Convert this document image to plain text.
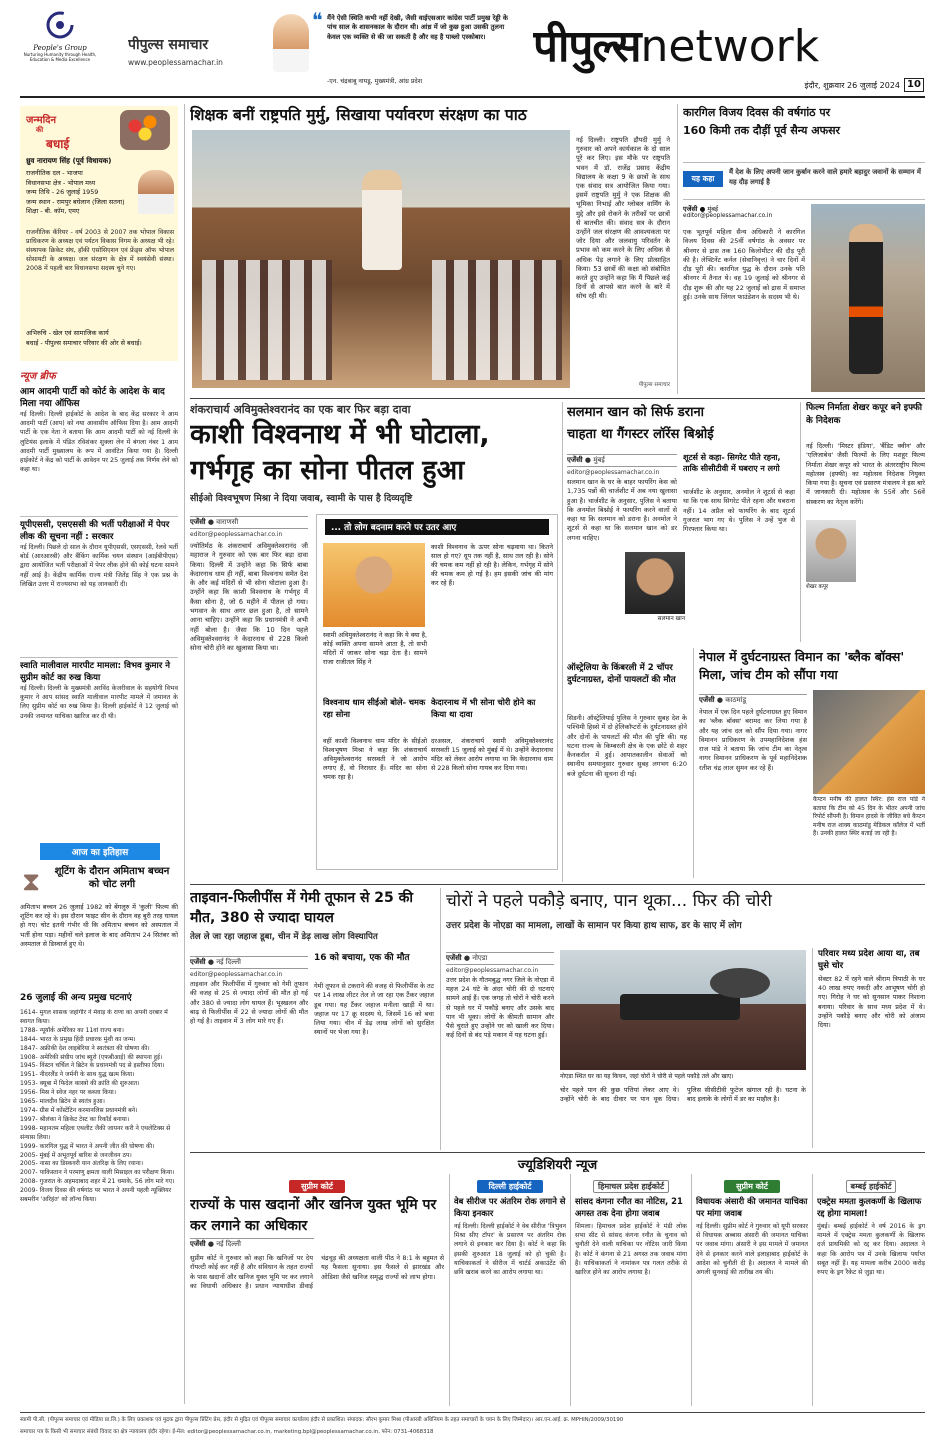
People's Group
Nurturing Humanity through Health, Education & Media Excellence
पीपुल्स समाचार
www.peoplessamachar.in
❝ मैंने ऐसी स्थिति कभी नहीं देखी, जैसी वाईएसआर कांग्रेस पार्टी प्रमुख रेड्डी के पांच साल के शासनकाल के दौरान थी। आंध्र में जो कुछ हुआ उसकी तुलना केवल एक व्यक्ति से की जा सकती है और वह है पाब्लो एस्कोबार।
-एन. चंद्रबाबू नायडू, मुख्यमंत्री, आंध्र प्रदेश
पीपुल्सnetwork
इंदौर, शुक्रवार 26 जुलाई 2024 10
जन्मदिन
की
बधाई
ध्रुव नारायण सिंह (पूर्व विधायक)
राजनीतिक दल - भाजपा
विधानसभा क्षेत्र - भोपाल मध्य
जन्म तिथि - 26 जुलाई 1959
जन्म स्थान - रामपुर बघेलान (जिला सतना)
शिक्षा - बी. कॉम, एमए
राजनीतिक कॅरियर - वर्ष 2003 से 2007 तक भोपाल विकास प्राधिकरण के अध्यक्ष एवं पर्यटन विकास निगम के अध्यक्ष भी रहे। संस्थापक क्रिकेट संघ, हॉकी एसोसिएशन एवं फ्रेंड्स ऑफ भोपाल सोसायटी के अध्यक्ष। जल संरक्षण के क्षेत्र में स्वयंसेवी संस्था। 2008 में पहली बार विधानसभा सदस्य चुने गए।
अभिरुचि - खेल एवं सामाजिक कार्य
बधाई - पीपुल्स समाचार परिवार की ओर से बधाई।
न्यूज ब्रीफ
आम आदमी पार्टी को कोर्ट के आदेश के बाद मिला नया ऑफिस
नई दिल्ली। दिल्ली हाईकोर्ट के आदेश के बाद केंद्र सरकार ने आम आदमी पार्टी (आप) को नया आवासीय ऑफिस दिया है। आम आदमी पार्टी के एक नेता ने बताया कि आम आदमी पार्टी को नई दिल्ली के लुटियंस इलाके में पंडित रविशंकर शुक्ला लेन में बंगला नंबर 1 आम आदमी पार्टी मुख्यालय के रूप में आवंटित किया गया है। दिल्ली हाईकोर्ट ने केंद्र को पार्टी के आवेदन पर 25 जुलाई तक निर्णय लेने को कहा था।
यूपीएससी, एसएससी की भर्ती परीक्षाओं में पेपर लीक की सूचना नहीं : सरकार
नई दिल्ली। पिछले दो साल के दौरान यूपीएससी, एसएससी, रेलवे भर्ती बोर्ड (आरआरबी) और बैंकिंग कार्मिक चयन संस्थान (आईबीपीएस) द्वारा आयोजित भर्ती परीक्षाओं में पेपर लीक होने की कोई घटना सामने नहीं आई है। केंद्रीय कार्मिक राज्य मंत्री जितेंद्र सिंह ने एक प्रश्न के लिखित उत्तर में राज्यसभा को यह जानकारी दी।
स्वाति मालीवाल मारपीट मामला: विभव कुमार ने सुप्रीम कोर्ट का रुख किया
नई दिल्ली। दिल्ली के मुख्यमंत्री अरविंद केजरीवाल के सहयोगी विभव कुमार ने आप सांसद स्वाति मालीवाल मारपीट मामले में जमानत के लिए सुप्रीम कोर्ट का रुख किया है। दिल्ली हाईकोर्ट ने 12 जुलाई को उनकी जमानत याचिका खारिज कर दी थी।
आज का इतिहास
⧗	शूटिंग के दौरान अमिताभ बच्चन को चोट लगी
अमिताभ बच्चन 26 जुलाई 1982 को बेंगलुरु में 'कुली' फिल्म की शूटिंग कर रहे थे। इस दौरान फाइट सीन के दौरान वह बुरी तरह घायल हो गए। चोट इतनी गंभीर थी कि अमिताभ बच्चन को अस्पताल में भर्ती होना पड़ा। महीनों चले इलाज के बाद अमिताभ 24 सितंबर को अस्पताल से डिस्चार्ज हुए थे।
26 जुलाई की अन्य प्रमुख घटनाएं
1614- मुगल शासक जहांगीर ने मेवाड़ के राणा का अपनी दरबार में स्वागत किया।
1788- न्यूयॉर्क अमेरिका का 11वां राज्य बना।
1844- भारत के प्रमुख हिंदी प्रचारक मुंशी का जन्म।
1847- अफ्रीकी देश लाइबेरिया ने स्वतंत्रता की घोषणा की।
1908- अमेरिकी संघीय जांच ब्यूरो (एफबीआई) की स्थापना हुई।
1945- विंस्टन चर्चिल ने ब्रिटेन के प्रधानमंत्री पद से इस्तीफा दिया।
1951- नीदरलैंड ने जर्मनी के साथ युद्ध खत्म किया।
1953- क्यूबा में फिदेल कास्त्रो की क्रांति की शुरुआत।
1956- मिस्र ने स्वेज नहर पर कब्जा किया।
1965- मालदीव ब्रिटेन से स्वतंत्र हुआ।
1974- ग्रीस में कोंस्टेंटिन करमानलिस प्रधानमंत्री बने।
1997- श्रीलंका ने क्रिकेट टेस्ट का रिकॉर्ड बनाया।
1998- महानतम महिला एथलीट जैकी जायनर करी ने एथलेटिक्स से संन्यास लिया।
1999- कारगिल युद्ध में भारत ने अपनी जीत की घोषणा की।
2005- मुंबई में अभूतपूर्व बारिश से जनजीवन ठप।
2005- नासा का डिस्कवरी यान अंतरिक्ष के लिए रवाना।
2007- पाकिस्तान ने परमाणु क्षमता वाली मिसाइल का परीक्षण किया।
2008- गुजरात के अहमदाबाद शहर में 21 धमाके, 56 लोग मारे गए।
2009- विजय दिवस की वर्षगांठ पर भारत ने अपनी पहली न्यूक्लियर सबमरीन 'अरिहंत' को लॉन्च किया।
शिक्षक बनीं राष्ट्रपति मुर्मु, सिखाया पर्यावरण संरक्षण का पाठ
नई दिल्ली। राष्ट्रपति द्रौपदी मुर्मु ने गुरुवार को अपने कार्यकाल के दो साल पूरे कर लिए। इस मौके पर राष्ट्रपति भवन में डॉ. राजेंद्र प्रसाद केंद्रीय विद्यालय के कक्षा 9 के छात्रों के साथ एक संवाद सत्र आयोजित किया गया। इसमें राष्ट्रपति मुर्मु ने एक शिक्षक की भूमिका निभाई और ग्लोबल वार्मिंग के मुद्दे और इसे रोकने के तरीकों पर छात्रों से बातचीत की। संवाद सत्र के दौरान उन्होंने जल संरक्षण की आवश्यकता पर जोर दिया और जलवायु परिवर्तन के प्रभाव को कम करने के लिए अधिक से अधिक पेड़ लगाने के लिए प्रोत्साहित किया। 53 छात्रों की कक्षा को संबोधित करते हुए उन्होंने कहा कि मैं पिछले कई दिनों से आपसे बात करने के बारे में सोच रही थी।
पीपुल्स समाचार
कारगिल विजय दिवस की वर्षगांठ पर
160 किमी तक दौड़ीं पूर्व सैन्य अफसर
यह कहा
मैं देश के लिए अपनी जान कुर्बान करने वाले हमारे बहादुर जवानों के सम्मान में यह दौड़ लगाई है
एजेंसी ● मुंबई
editor@peoplessamachar.co.in
एक भूतपूर्व महिला सैन्य अधिकारी ने कारगिल विजय दिवस की 25वीं वर्षगांठ के अवसर पर श्रीनगर से द्रास तक 160 किलोमीटर की दौड़ पूरी की है। लेफ्टिनेंट कर्नल (सेवानिवृत्त) ने चार दिनों में दौड़ पूरी की। कारगिल युद्ध के दौरान उनके पति श्रीनगर में तैनात थे। वह 19 जुलाई को श्रीनगर से दौड़ शुरू की और यह 22 जुलाई को द्रास में समाप्त हुई। उनके साथ जिंगल फाउंडेशन के सदस्य भी थे।
शंकराचार्य अविमुक्तेश्वरानंद का एक बार फिर बड़ा दावा
काशी विश्वनाथ में भी घोटाला,
गर्भगृह का सोना पीतल हुआ
सीईओ विश्वभूषण मिश्रा ने दिया जवाब, स्वामी के पास है दिव्यदृष्टि
एजेंसी ● वाराणसी
editor@peoplessamachar.co.in
ज्योतिर्मठ के शंकराचार्य अविमुक्तेश्वरानंद जी महाराज ने गुरुवार को एक बार फिर बड़ा दावा किया। दिल्ली में उन्होंने कहा कि सिर्फ बाबा केदारनाथ धाम ही नहीं, बाबा विश्वनाथ समेत देश के और कई मंदिरों से भी सोना घोटाला हुआ है। उन्होंने कहा कि काशी विश्वनाथ के गर्भगृह में कैसा सोना है, जो 6 महीने में पीतल हो गया। भगवान के साथ अगर छल हुआ है, तो सामने आना चाहिए। उन्होंने कहा कि प्रधानमंत्री ने अभी नहीं बोला है। जैसा कि 10 दिन पहले अविमुक्तेश्वरानंद ने केदारनाथ से 228 किलो सोना चोरी होने का खुलासा किया था।
... तो लोग बदनाम करने पर उतर आए
स्वामी अविमुक्तेश्वरानंद ने कहा कि ये क्या है, कोई व्यक्ति अपना सामने आता है, तो सभी मंदिरों में जाकर सोना चढ़ा देता है। सामने राजा राजीतल सिंह ने
काशी विश्वनाथ के ऊपर सोना चढ़वाया था। कितने साल हो गए? धूप तक नहीं है, साथ तल रही है। सोने की चमक कम नहीं हो रही है। लेकिन, गर्भगृह में सोने की चमक कम हो गई है। हम इसकी जांच की मांग कर रहे हैं।
विश्वनाथ धाम सीईओ बोले- चमक रहा सोना
वहीं काशी विश्वनाथ धाम मंदिर के सीईओ विश्वभूषण मिश्रा ने कहा कि शंकराचार्य अविमुक्तेश्वरानंद सरस्वती ने जो आरोप लगाए हैं, वो निराधार हैं। मंदिर का सोना चमक रहा है।
केदारनाथ में भी सोना चोरी होने का किया था दावा
दरअसल, शंकराचार्य स्वामी अविमुक्तेश्वरानंद सरस्वती 15 जुलाई को मुंबई में थे। उन्होंने केदारनाथ मंदिर को लेकर आरोप लगाया था कि केदारनाथ धाम से 228 किलो सोना गायब कर दिया गया।
सलमान खान को सिर्फ डराना
चाहता था गैंगस्टर लॉरेंस बिश्नोई
एजेंसी ● मुंबई
editor@peoplessamachar.co.in
सलमान खान के घर के बाहर फायरिंग केस को 1,735 पन्नों की चार्जशीट में अब नया खुलासा हुआ है। चार्जशीट के अनुसार, पुलिस ने बताया कि अनमोल बिश्नोई ने फायरिंग करने वालों से कहा था कि सलमान को डराना है। अनमोल ने शूटर्स से कहा था कि सलमान खान को डर लगना चाहिए।
शूटर्स से कहा- सिगरेट पीते रहना, ताकि सीसीटीवी में घबराए न लगो
चार्जशीट के अनुसार, अनमोल ने शूटर्स से कहा था कि एक साथ सिगरेट पीते रहना और घबराना नहीं। 14 अप्रैल को फायरिंग के बाद शूटर्स गुजरात भाग गए थे। पुलिस ने उन्हें भुज से गिरफ्तार किया था।
सलमान खान
फिल्म निर्माता शेखर कपूर बने इफ्फी के निदेशक
नई दिल्ली। 'मिस्टर इंडिया', 'बैंडिट क्वीन' और 'एलिजाबेथ' जैसी फिल्मों के लिए मशहूर फिल्म निर्माता शेखर कपूर को भारत के अंतरराष्ट्रीय फिल्म महोत्सव (इफ्फी) का महोत्सव निदेशक नियुक्त किया गया है। सूचना एवं प्रसारण मंत्रालय ने इस बारे में जानकारी दी। महोत्सव के 55वें और 56वें संस्करण का नेतृत्व करेंगे।
शेखर कपूर
ऑस्ट्रेलिया के किंबरली में 2 चॉपर दुर्घटनाग्रस्त, दोनों पायलटों की मौत
सिडनी। ऑस्ट्रेलियाई पुलिस ने गुरुवार सुबह देश के पश्चिमी हिस्से में दो हेलिकॉप्टरों के दुर्घटनाग्रस्त होने और दोनों के पायलटों की मौत की पुष्टि की। यह घटना राज्य के किम्बरली क्षेत्र के एक छोटे से शहर कैनकरॉल में हुई। आपातकालीन सेवाओं को स्थानीय समयानुसार गुरुवार सुबह लगभग 6:20 बजे दुर्घटना की सूचना दी गई।
नेपाल में दुर्घटनाग्रस्त विमान का 'ब्लैक बॉक्स' मिला, जांच टीम को सौंपा गया
एजेंसी ● काठमांडू
नेपाल में एक दिन पहले दुर्घटनाग्रस्त हुए विमान का 'ब्लैक बॉक्स' बरामद कर लिया गया है और यह जांच दल को सौंप दिया गया। नागर विमानन प्राधिकरण के उपमहानिदेशक हंस राज पांडे ने बताया कि जांच टीम का नेतृत्व नागर विमानन प्राधिकरण के पूर्व महानिदेशक रतीश चंद्र लाल सुमन कर रहे हैं।
कैप्टन मनीष की हालत स्थिर: हंस राज पांडे ने बताया कि टीम को 45 दिन के भीतर अपनी जांच रिपोर्ट सौंपनी है। विमान हादसे के जीवित बचे कैप्टन मनीष राज शाक्य काठमांडू मेडिकल कॉलेज में भर्ती हैं। उनकी हालत स्थिर बताई जा रही है।
ताइवान-फिलीपींस में गेमी तूफान से 25 की मौत, 380 से ज्यादा घायल
तेल ले जा रहा जहाज डूबा, चीन में डेढ़ लाख लोग विस्थापित
एजेंसी ● नई दिल्ली
editor@peoplessamachar.co.in
ताइवान और फिलीपींस में गुरुवार को गेमी तूफान की वजह से 25 से ज्यादा लोगों की मौत हो गई और 380 से ज्यादा लोग घायल हैं। भूस्खलन और बाढ़ से फिलीपींस में 22 से ज्यादा लोगों की मौत हो गई है। ताइवान में 3 लोग मारे गए हैं।
16 को बचाया, एक की मौत
गेमी तूफान से टकराने की वजह से फिलीपींस के तट पर 14 लाख लीटर तेल ले जा रहा एक टैंकर जहाज डूब गया। यह टैंकर जहाज मनीला खाड़ी में था। जहाज पर 17 क्रू सदस्य थे, जिसमें 16 को बचा लिया गया। चीन में डेढ़ लाख लोगों को सुरक्षित स्थानों पर भेजा गया है।
चोरों ने पहले पकौड़े बनाए, पान थूका... फिर की चोरी
उत्तर प्रदेश के नोएडा का मामला, लाखों के सामान पर किया हाथ साफ, डर के साए में लोग
एजेंसी ● नोएडा
editor@peoplessamachar.co.in
उत्तर प्रदेश के गौतमबुद्ध नगर जिले के नोएडा में महज 24 घंटे के अंदर चोरी की दो घटनाएं सामने आई हैं। एक जगह तो चोरों ने चोरी करने से पहले घर में पकौड़े बनाए और उसके बाद पान भी थूका। लोगों के कीमती सामान और पैसे चुराते हुए उन्होंने घर को खाली कर दिया। कई दिनों से बंद पड़े मकान में यह घटना हुई।
नोएडा स्थित घर का यह किचन, जहां चोरों ने चोरी से पहले पकौड़े तले और खाए।
चोर पहले पान की कुछ पत्तियां लेकर आए थे। उन्होंने चोरी के बाद दीवार पर पान थूक दिया। पुलिस सीसीटीवी फुटेज खंगाल रही है। घटना के बाद इलाके के लोगों में डर का माहौल है।
परिवार मध्य प्रदेश आया था, तब घुसे चोर
सेक्टर 82 में रहने वाले श्रीराम त्रिपाठी के घर 40 लाख रुपए नकदी और आभूषण चोरी हो गए। गिरोह ने घर को सुनसान पाकर निशाना बनाया। परिवार के साथ मध्य प्रदेश में थे। उन्होंने पकौड़े बनाए और चोरी को अंजाम दिया।
ज्यूडिशियरी न्यूज
सुप्रीम कोर्ट
राज्यों के पास खदानों और खनिज युक्त भूमि पर कर लगाने का अधिकार
एजेंसी ● नई दिल्ली
सुप्रीम कोर्ट ने गुरुवार को कहा कि खनिजों पर देय रॉयल्टी कोई कर नहीं है और संविधान के तहत राज्यों के पास खदानों और खनिज युक्त भूमि पर कर लगाने का विधायी अधिकार है। प्रधान न्यायाधीश डीवाई चंद्रचूड़ की अध्यक्षता वाली पीठ ने 8:1 के बहुमत से यह फैसला सुनाया। इस फैसले से झारखंड और ओडिशा जैसे खनिज समृद्ध राज्यों को लाभ होगा।
दिल्ली हाईकोर्ट
वेब सीरीज पर अंतरिम रोक लगाने से किया इनकार
नई दिल्ली। दिल्ली हाईकोर्ट ने वेब सीरीज 'त्रिभुवन मिश्रा सीए टॉपर' के प्रसारण पर अंतरिम रोक लगाने से इनकार कर दिया है। कोर्ट ने कहा कि इसकी शुरुआत 18 जुलाई को हो चुकी है। याचिकाकर्ता ने सीरीज में चार्टर्ड अकाउंटेंट की छवि खराब करने का आरोप लगाया था।
हिमाचल प्रदेश हाईकोर्ट
सांसद कंगना रनौत का नोटिस, 21 अगस्त तक देना होगा जवाब
शिमला। हिमाचल प्रदेश हाईकोर्ट ने मंडी लोक सभा सीट से सांसद कंगना रनौत के चुनाव को चुनौती देने वाली याचिका पर नोटिस जारी किया है। कोर्ट ने कंगना से 21 अगस्त तक जवाब मांगा है। याचिकाकर्ता ने नामांकन पत्र गलत तरीके से खारिज होने का आरोप लगाया है।
सुप्रीम कोर्ट
विधायक अंसारी की जमानत याचिका पर मांगा जवाब
नई दिल्ली। सुप्रीम कोर्ट ने गुरुवार को यूपी सरकार से विधायक अब्बास अंसारी की जमानत याचिका पर जवाब मांगा। अंसारी ने इस मामले में जमानत देने से इनकार करने वाले इलाहाबाद हाईकोर्ट के आदेश को चुनौती दी है। अदालत ने मामले की अगली सुनवाई की तारीख तय की।
बम्बई हाईकोर्ट
एक्ट्रेस ममता कुलकर्णी के खिलाफ रद्द होगा मामला!
मुंबई। बम्बई हाईकोर्ट ने वर्ष 2016 के ड्रग मामले में एक्ट्रेस ममता कुलकर्णी के खिलाफ दर्ज प्राथमिकी को रद्द कर दिया। अदालत ने कहा कि आरोप पत्र में उनके खिलाफ पर्याप्त सबूत नहीं हैं। यह मामला करीब 2000 करोड़ रुपए के ड्रग रैकेट से जुड़ा था।
स्वामी पी.सी. (पीपुल्स समाचार एवं मीडिया प्रा.लि.) के लिए प्रकाशक एवं मुद्रक द्वारा पीपुल्स प्रिंटिंग प्रेस, इंदौर से मुद्रित एवं पीपुल्स समाचार कार्यालय इंदौर से प्रकाशित। संपादक: सौरभ कुमार मिश्रा (पीआरबी अधिनियम के तहत समाचारों के चयन के लिए जिम्मेदार)। आर.एन.आई. क्र. MPHIN/2009/30190
समाचार पत्र के किसी भी समाचार संबंधी विवाद का क्षेत्र न्यायालय इंदौर रहेगा। ई-मेल: editor@peoplessamachar.co.in, marketing.bpl@peoplessamachar.co.in, फोन: 0731-4068318
